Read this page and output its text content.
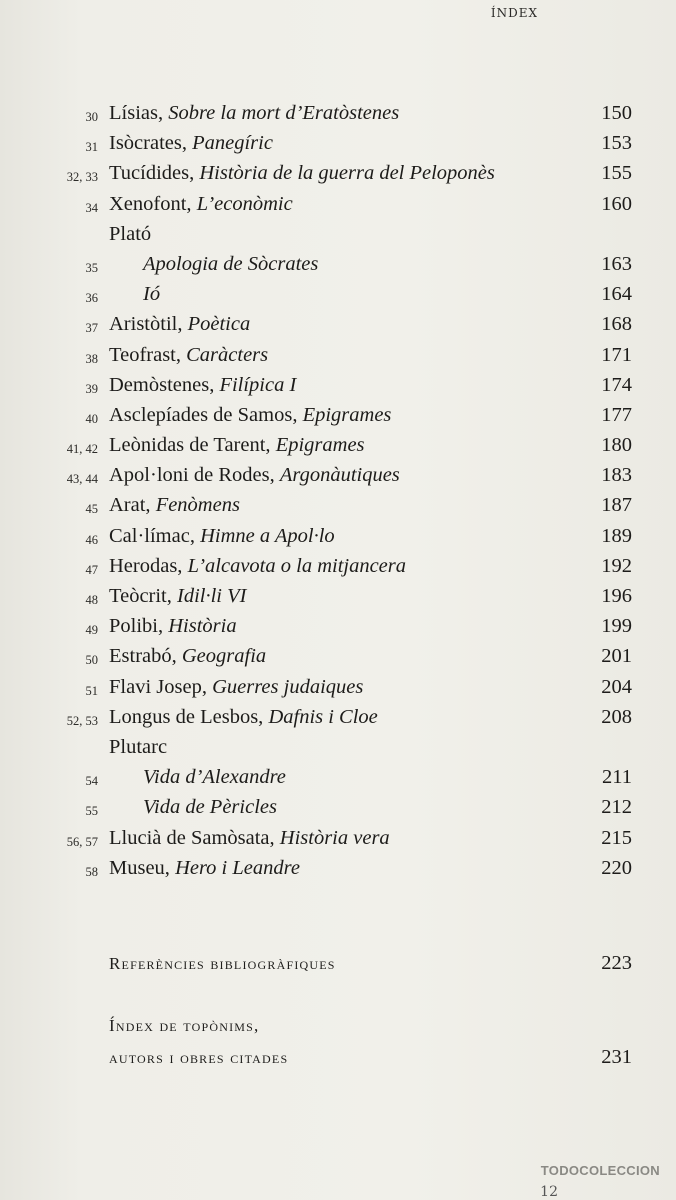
ÍNDEX
30 Lísias, Sobre la mort d’Eratòstenes	150
31 Isòcrates, Panegíric	153
32, 33 Tucídides, Història de la guerra del Peloponès	155
34 Xenofont, L’econòmic	160
Plató
35 Apologia de Sòcrates	163
36 Ió	164
37 Aristòtil, Poètica	168
38 Teofrast, Caràcters	171
39 Demòstenes, Filípica I	174
40 Asclepíades de Samos, Epigrames	177
41, 42 Leònidas de Tarent, Epigrames	180
43, 44 Apol·loni de Rodes, Argonàutiques	183
45 Arat, Fenòmens	187
46 Cal·límac, Himne a Apol·lo	189
47 Herodas, L’alcavota o la mitjancera	192
48 Teòcrit, Idil·li VI	196
49 Polibi, Història	199
50 Estrabó, Geografia	201
51 Flavi Josep, Guerres judaiques	204
52, 53 Longus de Lesbos, Dafnis i Cloe	208
Plutarc
54 Vida d’Alexandre	211
55 Vida de Pèricles	212
56, 57 Llucià de Samòsata, Història vera	215
58 Museu, Hero i Leandre	220
Referències bibliogràfiques	223
Índex de topònims,
autors i obres citades	231
TODOCOLECCION
12
